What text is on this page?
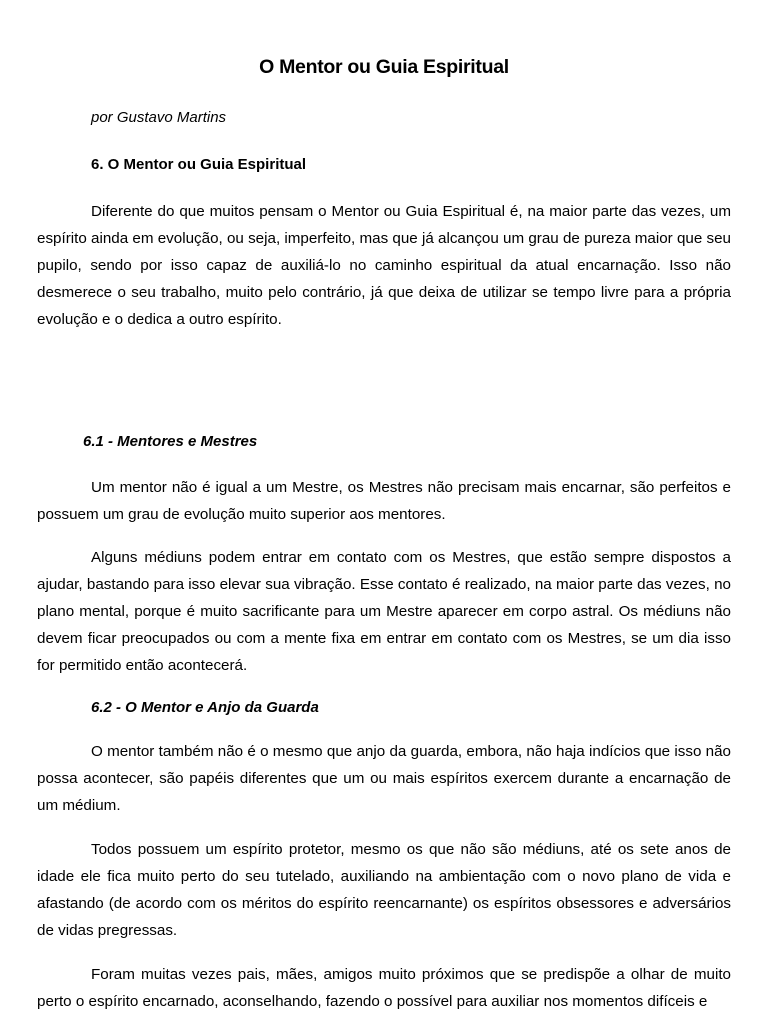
O Mentor ou Guia Espiritual
por Gustavo Martins
6. O Mentor ou Guia Espiritual

Diferente do que muitos pensam o Mentor ou Guia Espiritual é, na maior parte das vezes, um espírito ainda em evolução, ou seja, imperfeito, mas que já alcançou um grau de pureza maior que seu pupilo, sendo por isso capaz de auxiliá-lo no caminho espiritual da atual encarnação. Isso não desmerece o seu trabalho, muito pelo contrário, já que deixa de utilizar se tempo livre para a própria evolução e o dedica a outro espírito.

6.1 - Mentores e Mestres

Um mentor não é igual a um Mestre, os Mestres não precisam mais encarnar, são perfeitos e possuem um grau de evolução muito superior aos mentores.

Alguns médiuns podem entrar em contato com os Mestres, que estão sempre dispostos a ajudar, bastando para isso elevar sua vibração. Esse contato é realizado, na maior parte das vezes, no plano mental, porque é muito sacrificante para um Mestre aparecer em corpo astral. Os médiuns não devem ficar preocupados ou com a mente fixa em entrar em contato com os Mestres, se um dia isso for permitido então acontecerá.

6.2 - O Mentor e Anjo da Guarda

O mentor também não é o mesmo que anjo da guarda, embora, não haja indícios que isso não possa acontecer, são papéis diferentes que um ou mais espíritos exercem durante a encarnação de um médium.

Todos possuem um espírito protetor, mesmo os que não são médiuns, até os sete anos de idade ele fica muito perto do seu tutelado, auxiliando na ambientação com o novo plano de vida e afastando (de acordo com os méritos do espírito reencarnante) os espíritos obsessores e adversários de vidas pregressas.

Foram muitas vezes pais, mães, amigos muito próximos que se predispõe a olhar de muito perto o espírito encarnado, aconselhando, fazendo o possível para auxiliar nos momentos difíceis e
